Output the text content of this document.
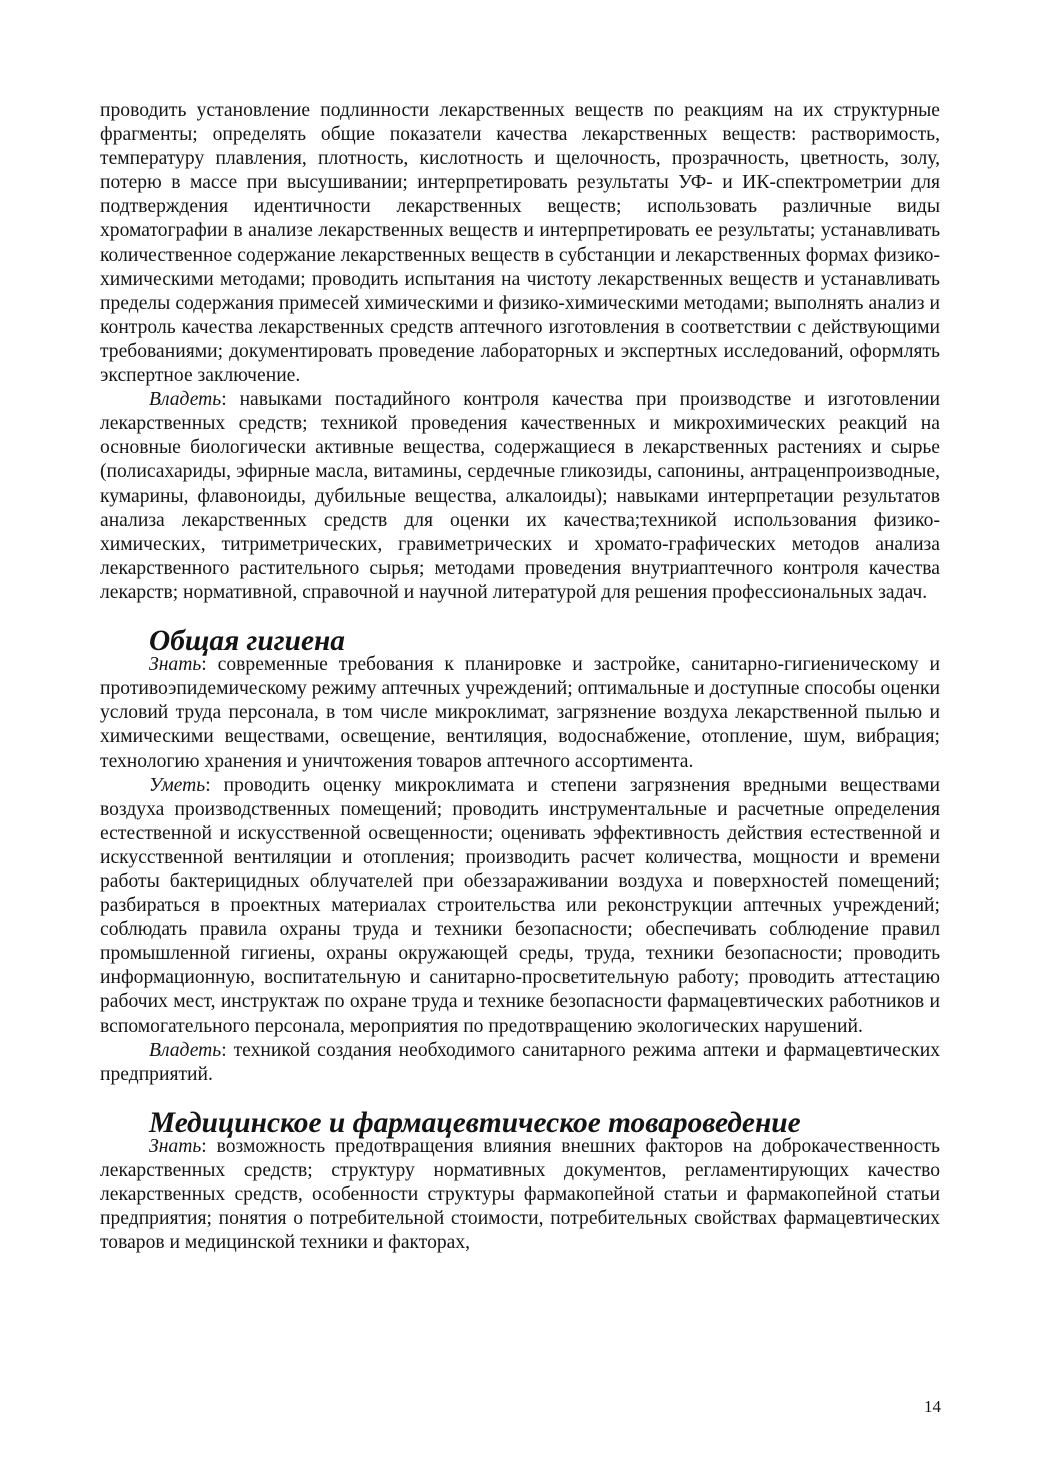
проводить установление подлинности лекарственных веществ по реакциям на их структурные фрагменты; определять общие показатели качества лекарственных веществ: растворимость, температуру плавления, плотность, кислотность и щелочность, прозрачность, цветность, золу, потерю в массе при высушивании; интерпретировать результаты УФ- и ИК-спектрометрии для подтверждения идентичности лекарственных веществ; использовать различные виды хроматографии в анализе лекарственных веществ и интерпретировать ее результаты; устанавливать количественное содержание лекарственных веществ в субстанции и лекарственных формах физико-химическими методами; проводить испытания на чистоту лекарственных веществ и устанавливать пределы содержания примесей химическими и физико-химическими методами; выполнять анализ и контроль качества лекарственных средств аптечного изготовления в соответствии с действующими требованиями; документировать проведение лабораторных и экспертных исследований, оформлять экспертное заключение.

Владеть: навыками постадийного контроля качества при производстве и изготовлении лекарственных средств; техникой проведения качественных и микрохимических реакций на основные биологически активные вещества, содержащиеся в лекарственных растениях и сырье (полисахариды, эфирные масла, витамины, сердечные гликозиды, сапонины, антраценпроизводные, кумарины, флавоноиды, дубильные вещества, алкалоиды); навыками интерпретации результатов анализа лекарственных средств для оценки их качества;техникой использования физико-химических, титриметрических, гравиметрических и хромато-графических методов анализа лекарственного растительного сырья; методами проведения внутриаптечного контроля качества лекарств; нормативной, справочной и научной литературой для решения профессиональных задач.

Общая гигиена

Знать: современные требования к планировке и застройке, санитарно-гигиеническому и противоэпидемическому режиму аптечных учреждений; оптимальные и доступные способы оценки условий труда персонала, в том числе микроклимат, загрязнение воздуха лекарственной пылью и химическими веществами, освещение, вентиляция, водоснабжение, отопление, шум, вибрация; технологию хранения и уничтожения товаров аптечного ассортимента.

Уметь: проводить оценку микроклимата и степени загрязнения вредными веществами воздуха производственных помещений; проводить инструментальные и расчетные определения естественной и искусственной освещенности; оценивать эффективность действия естественной и искусственной вентиляции и отопления; производить расчет количества, мощности и времени работы бактерицидных облучателей при обеззараживании воздуха и поверхностей помещений; разбираться в проектных материалах строительства или реконструкции аптечных учреждений; соблюдать правила охраны труда и техники безопасности; обеспечивать соблюдение правил промышленной гигиены, охраны окружающей среды, труда, техники безопасности; проводить информационную, воспитательную и санитарно-просветительную работу; проводить аттестацию рабочих мест, инструктаж по охране труда и технике безопасности фармацевтических работников и вспомогательного персонала, мероприятия по предотвращению экологических нарушений.

Владеть: техникой создания необходимого санитарного режима аптеки и фармацевтических предприятий.

Медицинское и фармацевтическое товароведение

Знать: возможность предотвращения влияния внешних факторов на доброкачественность лекарственных средств; структуру нормативных документов, регламентирующих качество лекарственных средств, особенности структуры фармакопейной статьи и фармакопейной статьи предприятия; понятия о потребительной стоимости, потребительных свойствах фармацевтических товаров и медицинской техники и факторах,

14
